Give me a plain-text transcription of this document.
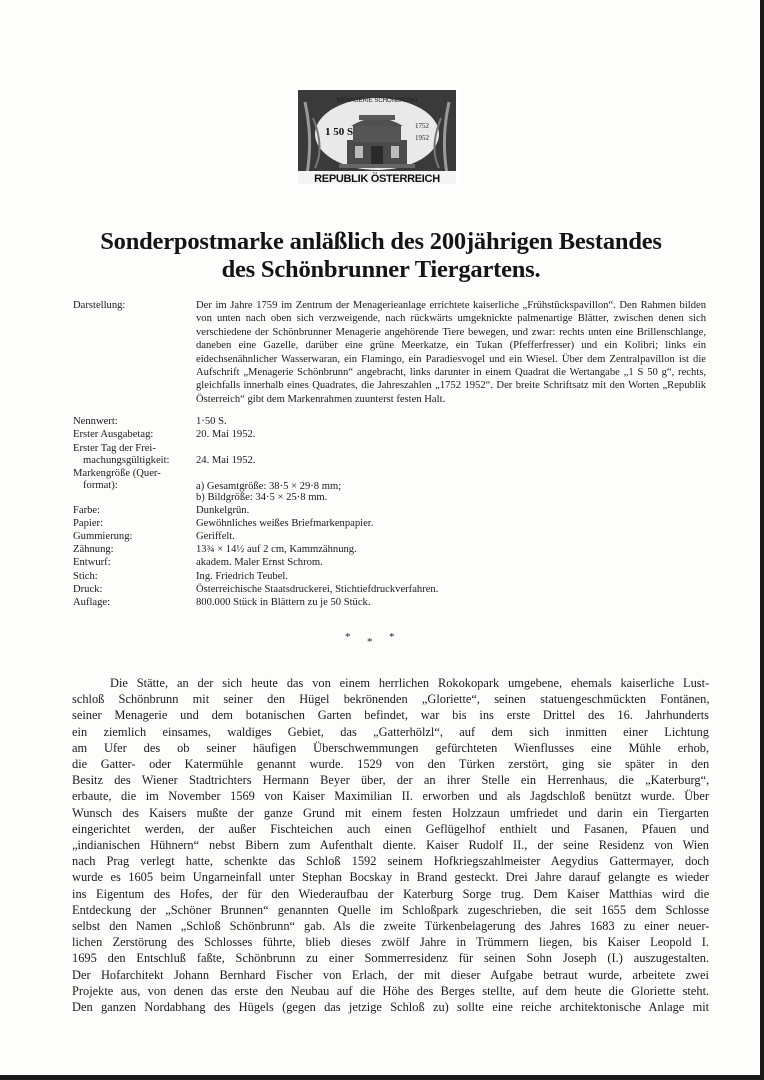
MENAGERIE SCHÖNBRUNN
1 50 S	1752
1952
REPUBLIK ÖSTERREICH
Sonderpostmarke anläßlich des 200jährigen Bestandes
des Schönbrunner Tiergartens.
Darstellung:	Der im Jahre 1759 im Zentrum der Menagerieanlage errichtete kaiserliche „Frühstückspavillon“. Den Rahmen bilden von unten nach oben sich verzweigende, nach rückwärts umgeknickte palmenartige Blätter, zwischen denen sich verschiedene der Schönbrunner Menagerie angehörende Tiere bewegen, und zwar: rechts unten eine Brillenschlange, daneben eine Gazelle, darüber eine grüne Meerkatze, ein Tukan (Pfefferfresser) und ein Kolibri; links ein eidechsenähnlicher Wasserwaran, ein Flamingo, ein Paradiesvogel und ein Wiesel. Über dem Zentralpavillon ist die Aufschrift „Menagerie Schönbrunn“ angebracht, links darunter in einem Quadrat die Wertangabe „1 S 50 g“, rechts, gleichfalls innerhalb eines Quadrates, die Jahreszahlen „1752 1952“. Der breite Schriftsatz mit den Worten „Republik Österreich“ gibt dem Markenrahmen zuunterst festen Halt.
Nennwert:	1·50 S.
Erster Ausgabetag:	20. Mai 1952.
Erster Tag der Frei-
machungsgültigkeit:	24. Mai 1952.
Markengröße (Quer-
format):	a) Gesamtgröße: 38·5 × 29·8 mm;
b) Bildgröße: 34·5 × 25·8 mm.
Farbe:	Dunkelgrün.
Papier:	Gewöhnliches weißes Briefmarkenpapier.
Gummierung:	Geriffelt.
Zähnung:	13¾ × 14½ auf 2 cm, Kammzähnung.
Entwurf:	akadem. Maler Ernst Schrom.
Stich:	Ing. Friedrich Teubel.
Druck:	Österreichische Staatsdruckerei, Stichtiefdruckverfahren.
Auflage:	800.000 Stück in Blättern zu je 50 Stück.
* * *
Die Stätte, an der sich heute das von einem herrlichen Rokokopark umgebene, ehemals kaiserliche Lust-
schloß Schönbrunn mit seiner den Hügel bekrönenden „Gloriette“, seinen statuengeschmückten Fontänen,
seiner Menagerie und dem botanischen Garten befindet, war bis ins erste Drittel des 16. Jahrhunderts
ein ziemlich einsames, waldiges Gebiet, das „Gatterhölzl“, auf dem sich inmitten einer Lichtung
am Ufer des ob seiner häufigen Überschwemmungen gefürchteten Wienflusses eine Mühle erhob,
die Gatter- oder Katermühle genannt wurde. 1529 von den Türken zerstört, ging sie später in den
Besitz des Wiener Stadtrichters Hermann Beyer über, der an ihrer Stelle ein Herrenhaus, die „Katerburg“,
erbaute, die im November 1569 von Kaiser Maximilian II. erworben und als Jagdschloß benützt wurde. Über
Wunsch des Kaisers mußte der ganze Grund mit einem festen Holzzaun umfriedet und darin ein Tiergarten
eingerichtet werden, der außer Fischteichen auch einen Geflügelhof enthielt und Fasanen, Pfauen und
„indianischen Hühnern“ nebst Bibern zum Aufenthalt diente. Kaiser Rudolf II., der seine Residenz von Wien
nach Prag verlegt hatte, schenkte das Schloß 1592 seinem Hofkriegszahlmeister Aegydius Gattermayer, doch
wurde es 1605 beim Ungarneinfall unter Stephan Bocskay in Brand gesteckt. Drei Jahre darauf gelangte es wieder
ins Eigentum des Hofes, der für den Wiederaufbau der Katerburg Sorge trug. Dem Kaiser Matthias wird die
Entdeckung der „Schöner Brunnen“ genannten Quelle im Schloßpark zugeschrieben, die seit 1655 dem Schlosse
selbst den Namen „Schloß Schönbrunn“ gab. Als die zweite Türkenbelagerung des Jahres 1683 zu einer neuer-
lichen Zerstörung des Schlosses führte, blieb dieses zwölf Jahre in Trümmern liegen, bis Kaiser Leopold I.
1695 den Entschluß faßte, Schönbrunn zu einer Sommerresidenz für seinen Sohn Joseph (I.) auszugestalten.
Der Hofarchitekt Johann Bernhard Fischer von Erlach, der mit dieser Aufgabe betraut wurde, arbeitete zwei
Projekte aus, von denen das erste den Neubau auf die Höhe des Berges stellte, auf dem heute die Gloriette steht.
Den ganzen Nordabhang des Hügels (gegen das jetzige Schloß zu) sollte eine reiche architektonische Anlage mit
